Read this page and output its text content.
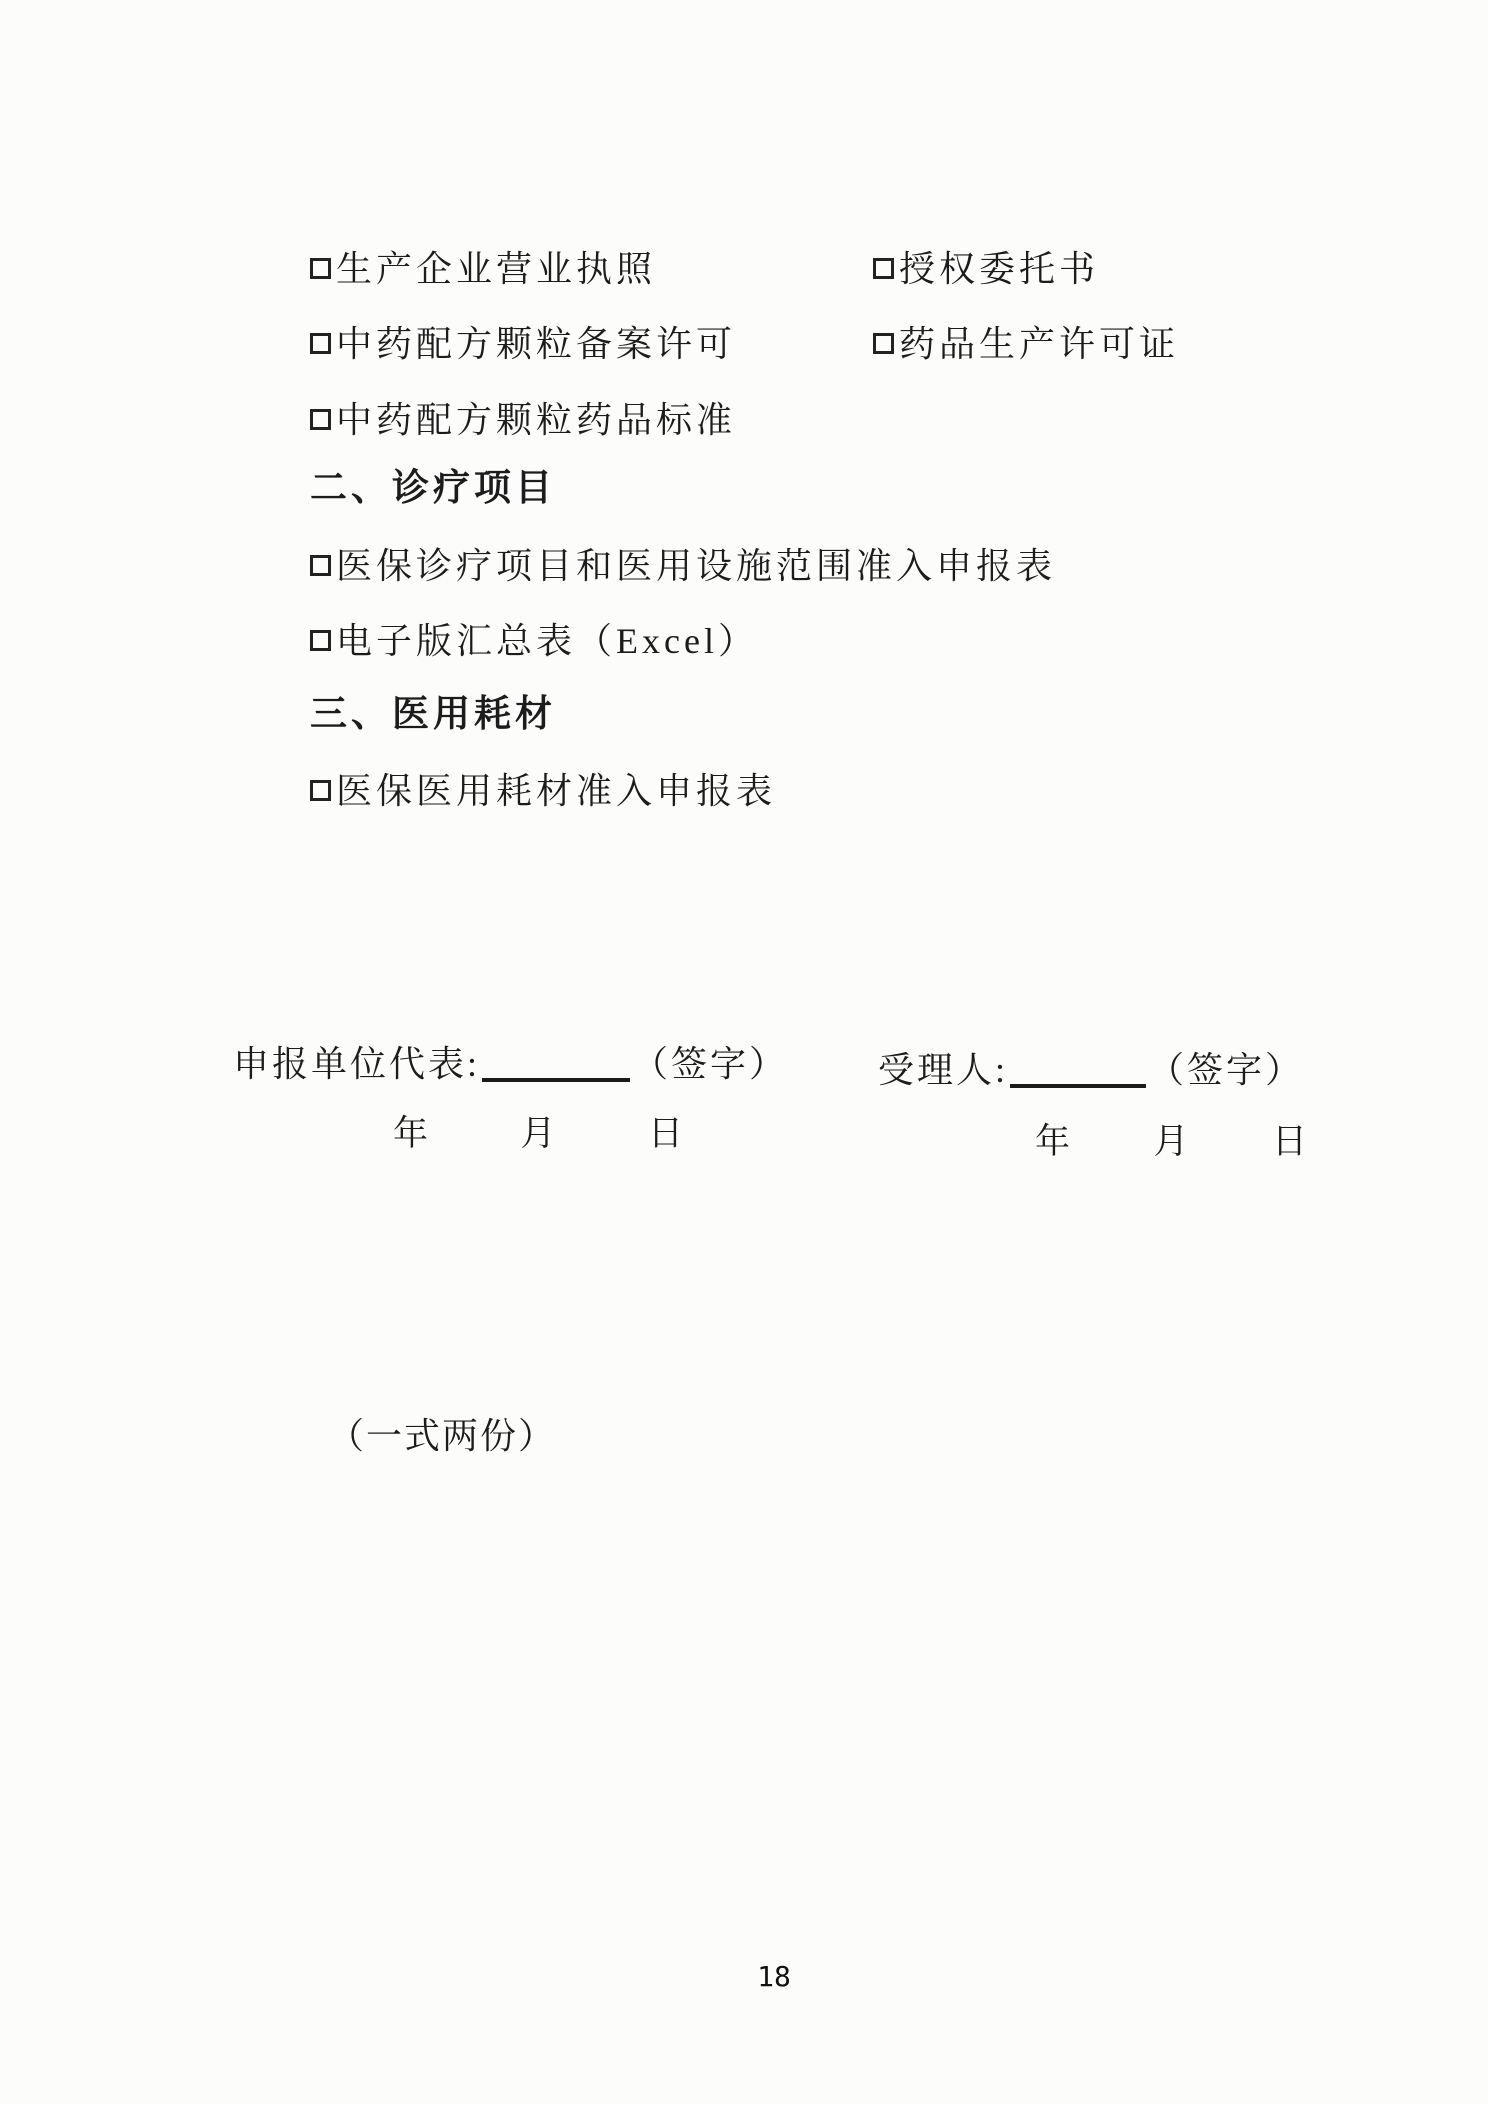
生产企业营业执照	授权委托书
中药配方颗粒备案许可	药品生产许可证
中药配方颗粒药品标准
二、诊疗项目
医保诊疗项目和医用设施范围准入申报表
电子版汇总表（Excel）
三、医用耗材
医保医用耗材准入申报表
申报单位代表:	（签字）
年	月	日
受理人:	（签字）
年 月 日
（一式两份）
18
